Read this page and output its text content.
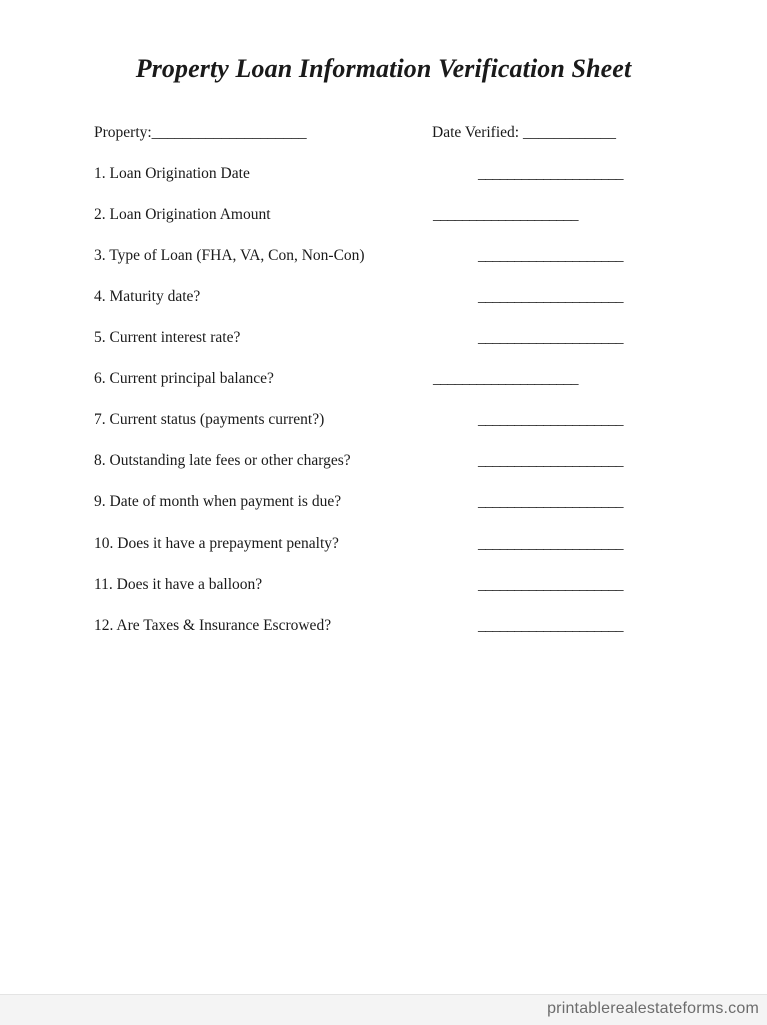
Property Loan Information Verification Sheet
Property:____________________	Date Verified: ____________
1. Loan Origination Date	____________________
2. Loan Origination Amount	____________________
3. Type of Loan (FHA, VA, Con, Non-Con)	____________________
4. Maturity date?	____________________
5. Current interest rate?	____________________
6. Current principal balance?	____________________
7. Current status (payments current?)	____________________
8. Outstanding late fees or other charges?	____________________
9. Date of month when payment is due?	____________________
10. Does it have a prepayment penalty?	____________________
11. Does it have a balloon?	____________________
12. Are Taxes & Insurance Escrowed?	____________________
printablerealestateforms.com
